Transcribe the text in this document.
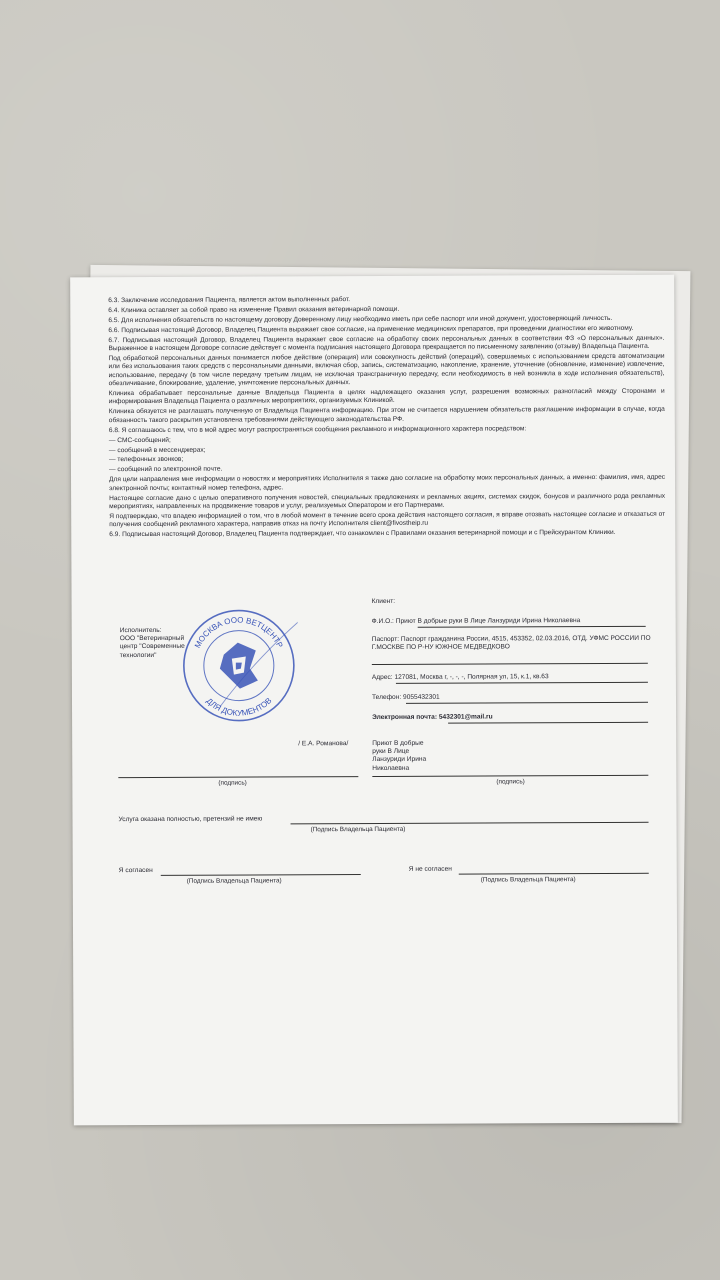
6.3. Заключение исследования Пациента, является актом выполненных работ.

6.4. Клиника оставляет за собой право на изменение Правил оказания ветеринарной помощи.

6.5. Для исполнения обязательств по настоящему договору Доверенному лицу необходимо иметь при себе паспорт или иной документ, удостоверяющий личность.

6.6. Подписывая настоящий Договор, Владелец Пациента выражает свое согласие, на применение медицинских препаратов, при проведении диагностики его животному.

6.7. Подписывая настоящий Договор, Владелец Пациента выражает свое согласие на обработку своих персональных данных в соответствии ФЗ «О персональных данных». Выраженное в настоящем Договоре согласие действует с момента подписания настоящего Договора прекращается по письменному заявлению (отзыву) Владельца Пациента.

Под обработкой персональных данных понимается любое действие (операция) или совокупность действий (операций), совершаемых с использованием средств автоматизации или без использования таких средств с персональными данными, включая сбор, запись, систематизацию, накопление, хранение, уточнение (обновление, изменение) извлечение, использование, передачу (в том числе передачу третьим лицам, не исключая трансграничную передачу, если необходимость в ней возникла в ходе исполнения обязательств), обезличивание, блокирование, удаление, уничтожение персональных данных.

Клиника обрабатывает персональные данные Владельца Пациента в целях надлежащего оказания услуг, разрешения возможных разногласий между Сторонами и информирования Владельца Пациента о различных мероприятиях, организуемых Клиникой.

Клиника обязуется не разглашать полученную от Владельца Пациента информацию. При этом не считается нарушением обязательств разглашение информации в случае, когда обязанность такого раскрытия установлена требованиями действующего законодательства РФ.

6.8. Я соглашаюсь с тем, что в мой адрес могут распространяться сообщения рекламного и информационного характера посредством:

— СМС-сообщений;

— сообщений в мессенджерах;

— телефонных звонков;

— сообщений по электронной почте.

Для цели направления мне информации о новостях и мероприятиях Исполнителя я также даю согласие на обработку моих персональных данных, а именно: фамилия, имя, адрес электронной почты; контактный номер телефона, адрес.

Настоящее согласие дано с целью оперативного получения новостей, специальных предложениях и рекламных акциях, системах скидок, бонусов и различного рода рекламных мероприятиях, направленных на продвижение товаров и услуг, реализуемых Оператором и его Партнерами.

Я подтверждаю, что владею информацией о том, что в любой момент в течение всего срока действия настоящего согласия, я вправе отозвать настоящее согласие и отказаться от получения сообщений рекламного характера, направив отказ на почту Исполнителя client@fivostheip.ru

6.9. Подписывая настоящий Договор, Владелец Пациента подтверждает, что ознакомлен с Правилами оказания ветеринарной помощи и с Прейскурантом Клиники.

Исполнитель:
ООО "Ветеринарный
центр "Современные
технологии"
МОСКВА ООО ВЕТЦЕНТР
ДЛЯ ДОКУМЕНТОВ
Клиент:
Ф.И.О.: Приют В добрые руки В Лице Ланзуриди Ирина Николаевна
Паспорт: Паспорт гражданина России, 4515, 453352, 02.03.2016, ОТД. УФМС РОССИИ ПО Г.МОСКВЕ ПО Р-НУ ЮЖНОЕ МЕДВЕДКОВО
Адрес: 127081, Москва г, -, -, -, Полярная ул, 15, к.1, кв.63
Телефон: 9055432301
Электронная почта: 5432301@mail.ru
/ Е.А. Романова/
(подпись)
Приют В добрые
руки В Лице
Ланзуриди Ирина
Николаевна
(подпись)
Услуга оказана полностью, претензий не имею
(Подпись Владельца Пациента)
Я согласен
(Подпись Владельца Пациента)
Я не согласен
(Подпись Владельца Пациента)
